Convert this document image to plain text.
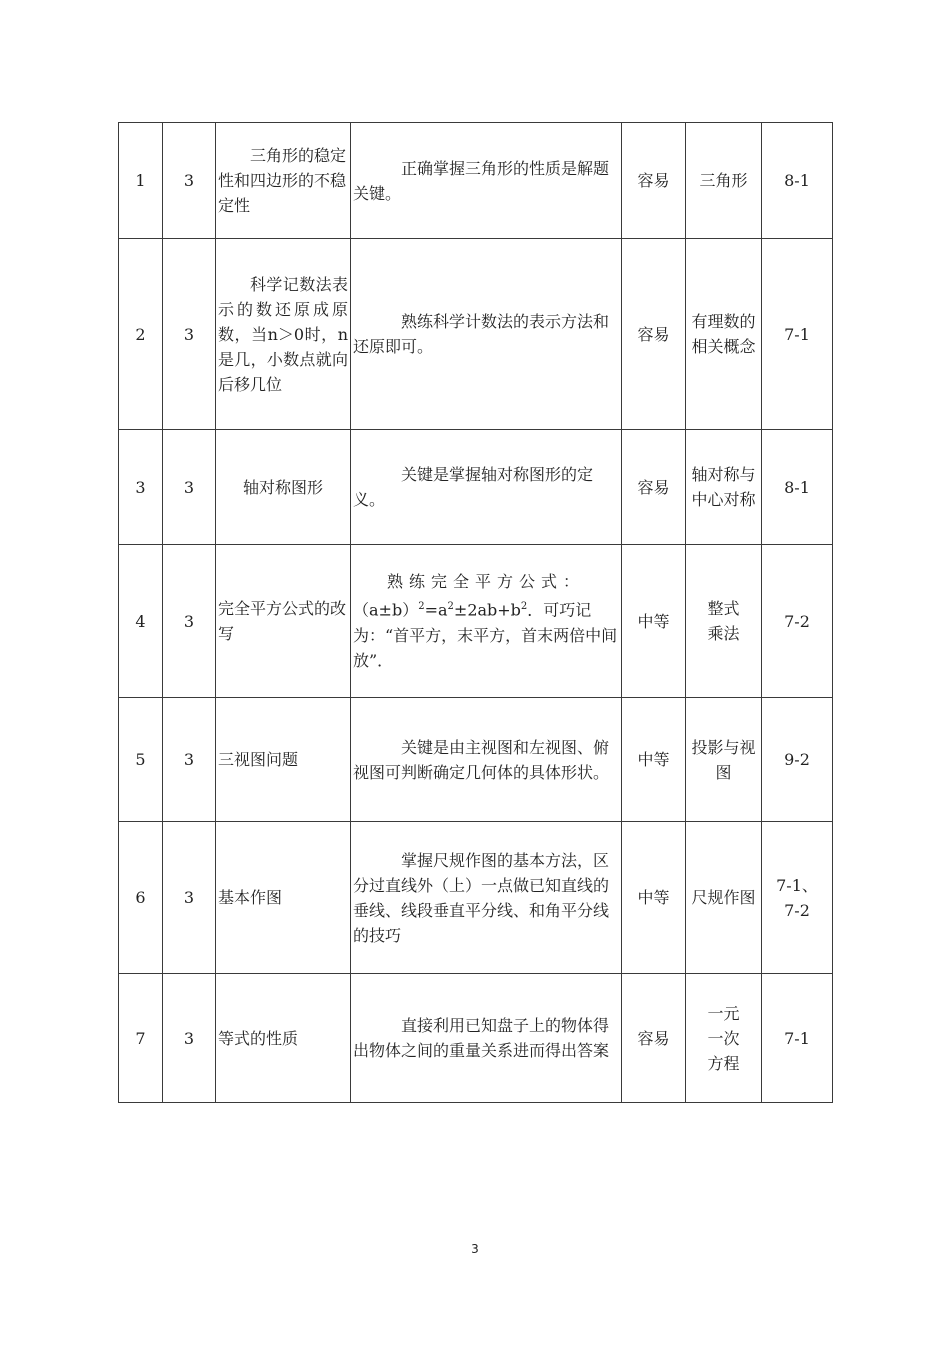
1	3	三角形的稳定性和四边形的不稳定性	正确掌握三角形的性质是解题关键。	容易	三角形	8-1
2	3	科学记数法表示的数还原成原数，当n＞0时，n是几，小数点就向后移几位	熟练科学计数法的表示方法和还原即可。	容易	有理数的相关概念	7-1
3	3	轴对称图形	关键是掌握轴对称图形的定义。	容易	轴对称与中心对称	8-1
4	3	完全平方公式的改写	熟练完全平方公式：
$(a\pm b)^2=a^2\pm 2ab+b^2$．可巧记为：“首平方，末平方，首末两倍中间放”．	中等	整式乘法	7-2
5	3	三视图问题	关键是由主视图和左视图、俯视图可判断确定几何体的具体形状。	中等	投影与视图	9-2
6	3	基本作图	掌握尺规作图的基本方法，区分过直线外（上）一点做已知直线的垂线、线段垂直平分线、和角平分线的技巧	中等	尺规作图	7-1、7-2
7	3	等式的性质	直接利用已知盘子上的物体得出物体之间的重量关系进而得出答案	容易	一元
一次
方程	7-1
3
